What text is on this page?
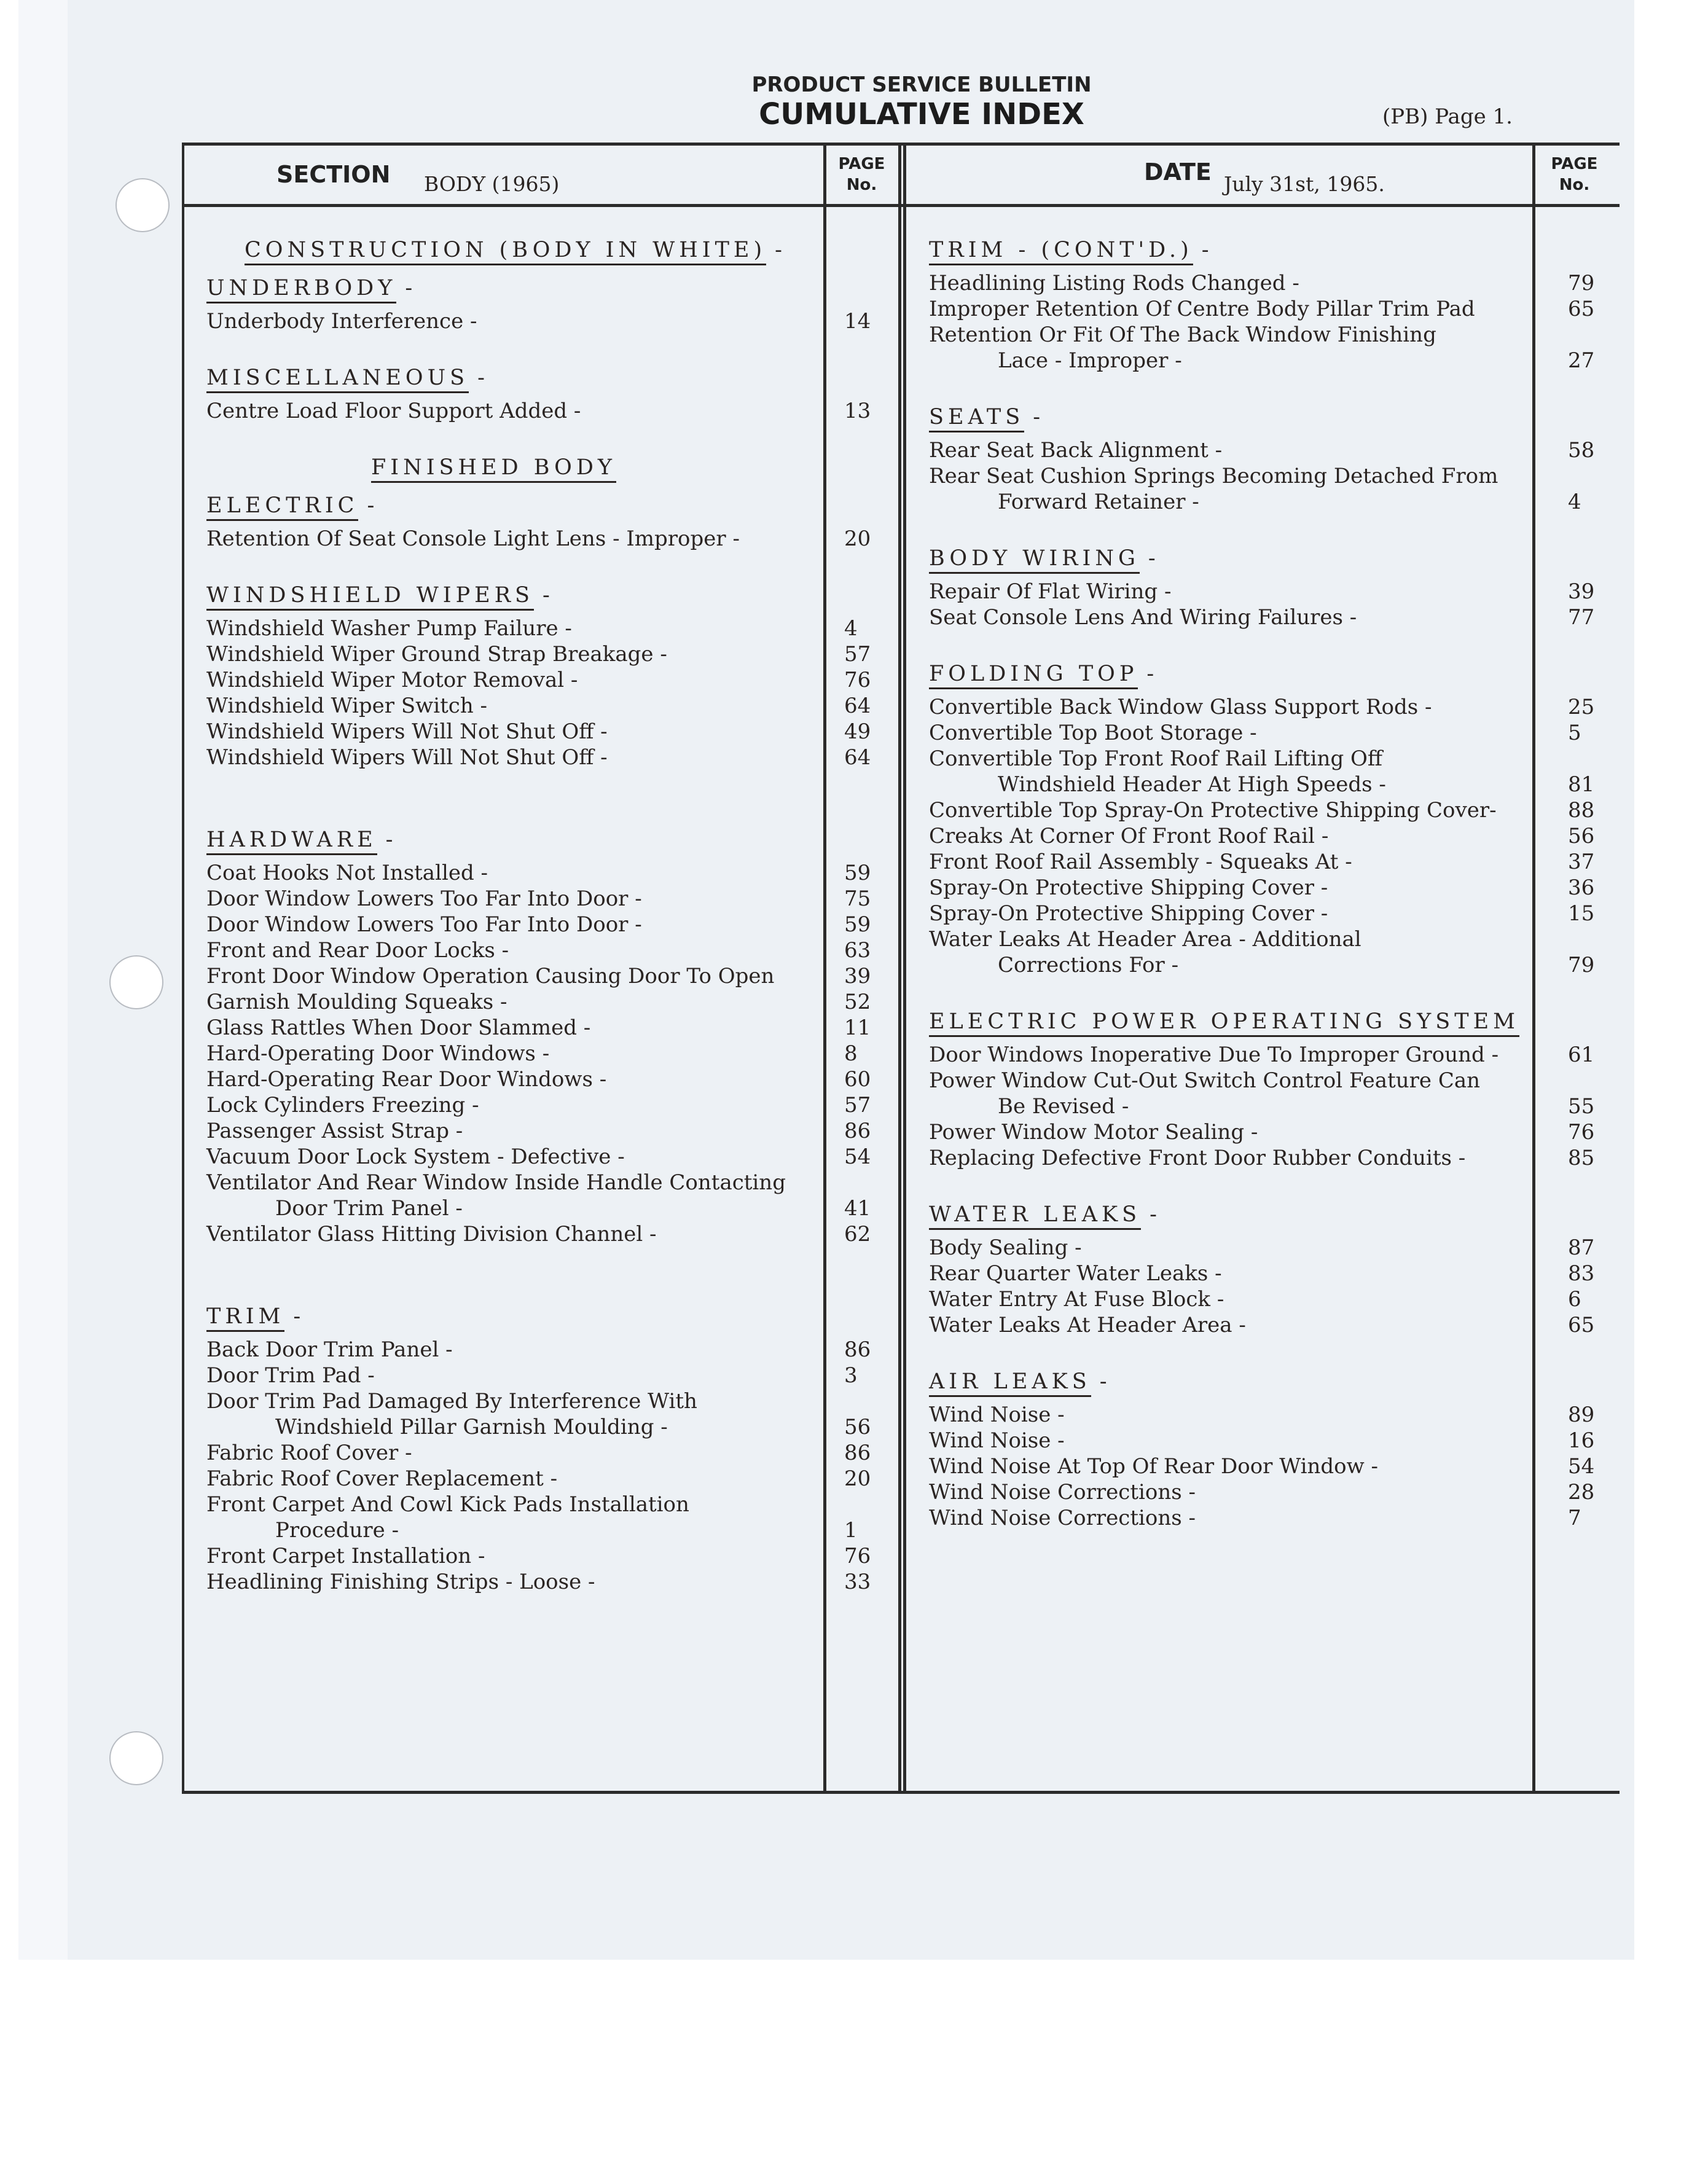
PRODUCT SERVICE BULLETIN
CUMULATIVE INDEX	(PB) Page 1.
SECTION BODY (1965)
PAGE
No.	DATE July 31st, 1965.
PAGE
No.
CONSTRUCTION (BODY IN WHITE) -
UNDERBODY -
Underbody Interference -	14
MISCELLANEOUS -
Centre Load Floor Support Added -	13
FINISHED BODY
ELECTRIC -
Retention Of Seat Console Light Lens - Improper -	20
WINDSHIELD WIPERS -
Windshield Washer Pump Failure -	4
Windshield Wiper Ground Strap Breakage -	57
Windshield Wiper Motor Removal -	76
Windshield Wiper Switch -	64
Windshield Wipers Will Not Shut Off -	49
Windshield Wipers Will Not Shut Off -	64
HARDWARE -
Coat Hooks Not Installed -	59
Door Window Lowers Too Far Into Door -	75
Door Window Lowers Too Far Into Door -	59
Front and Rear Door Locks -	63
Front Door Window Operation Causing Door To Open	39
Garnish Moulding Squeaks -	52
Glass Rattles When Door Slammed -	11
Hard-Operating Door Windows -	8
Hard-Operating Rear Door Windows -	60
Lock Cylinders Freezing -	57
Passenger Assist Strap -	86
Vacuum Door Lock System - Defective -	54
Ventilator And Rear Window Inside Handle Contacting
Door Trim Panel -	41
Ventilator Glass Hitting Division Channel -	62
TRIM -
Back Door Trim Panel -	86
Door Trim Pad -	3
Door Trim Pad Damaged By Interference With
Windshield Pillar Garnish Moulding -	56
Fabric Roof Cover -	86
Fabric Roof Cover Replacement -	20
Front Carpet And Cowl Kick Pads Installation
Procedure -	1
Front Carpet Installation -	76
Headlining Finishing Strips - Loose -	33
TRIM - (CONT'D.) -
Headlining Listing Rods Changed -	79
Improper Retention Of Centre Body Pillar Trim Pad	65
Retention Or Fit Of The Back Window Finishing
Lace - Improper -	27
SEATS -
Rear Seat Back Alignment -	58
Rear Seat Cushion Springs Becoming Detached From
Forward Retainer -	4
BODY WIRING -
Repair Of Flat Wiring -	39
Seat Console Lens And Wiring Failures -	77
FOLDING TOP -
Convertible Back Window Glass Support Rods -	25
Convertible Top Boot Storage -	5
Convertible Top Front Roof Rail Lifting Off
Windshield Header At High Speeds -	81
Convertible Top Spray-On Protective Shipping Cover-	88
Creaks At Corner Of Front Roof Rail -	56
Front Roof Rail Assembly - Squeaks At -	37
Spray-On Protective Shipping Cover -	36
Spray-On Protective Shipping Cover -	15
Water Leaks At Header Area - Additional
Corrections For -	79
ELECTRIC POWER OPERATING SYSTEM
Door Windows Inoperative Due To Improper Ground -	61
Power Window Cut-Out Switch Control Feature Can
Be Revised -	55
Power Window Motor Sealing -	76
Replacing Defective Front Door Rubber Conduits -	85
WATER LEAKS -
Body Sealing -	87
Rear Quarter Water Leaks -	83
Water Entry At Fuse Block -	6
Water Leaks At Header Area -	65
AIR LEAKS -
Wind Noise -	89
Wind Noise -	16
Wind Noise At Top Of Rear Door Window -	54
Wind Noise Corrections -	28
Wind Noise Corrections -	7
